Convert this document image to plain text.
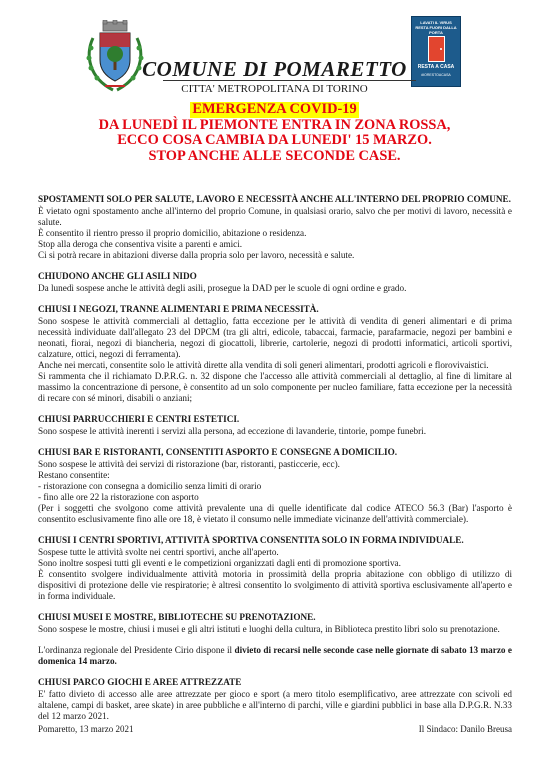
LAVATI IL VIRUS RESTA FUORI DALLA PORTA
RESTA A CASA
#IORESTOACASA
COMUNE DI POMARETTO
CITTA' METROPOLITANA DI TORINO
EMERGENZA COVID-19
DA LUNEDÌ IL PIEMONTE ENTRA IN ZONA ROSSA,
ECCO COSA CAMBIA DA LUNEDI' 15 MARZO.
STOP ANCHE ALLE SECONDE CASE.
SPOSTAMENTI SOLO PER SALUTE, LAVORO E NECESSITÀ ANCHE ALL'INTERNO DEL PROPRIO COMUNE.

È vietato ogni spostamento anche all'interno del proprio Comune, in qualsiasi orario, salvo che per motivi di lavoro, necessità e salute.

È consentito il rientro presso il proprio domicilio, abitazione o residenza.

Stop alla deroga che consentiva visite a parenti e amici.

Ci si potrà recare in abitazioni diverse dalla propria solo per lavoro, necessità e salute.

CHIUDONO ANCHE GLI ASILI NIDO

Da lunedì sospese anche le attività degli asili, prosegue la DAD per le scuole di ogni ordine e grado.

CHIUSI I NEGOZI, TRANNE ALIMENTARI E PRIMA NECESSITÀ.

Sono sospese le attività commerciali al dettaglio, fatta eccezione per le attività di vendita di generi alimentari e di prima necessità individuate dall'allegato 23 del DPCM (tra gli altri, edicole, tabaccai, farmacie, parafarmacie, negozi per bambini e neonati, fiorai, negozi di biancheria, negozi di giocattoli, librerie, cartolerie, negozi di prodotti informatici, articoli sportivi, calzature, ottici, negozi di ferramenta).

Anche nei mercati, consentite solo le attività dirette alla vendita di soli generi alimentari, prodotti agricoli e florovivaistici.

Si rammenta che il richiamato D.P.R.G. n. 32 dispone che l'accesso alle attività commerciali al dettaglio, al fine di limitare al massimo la concentrazione di persone, è consentito ad un solo componente per nucleo familiare, fatta eccezione per la necessità di recare con sé minori, disabili o anziani;

CHIUSI PARRUCCHIERI E CENTRI ESTETICI.

Sono sospese le attività inerenti i servizi alla persona, ad eccezione di lavanderie, tintorie, pompe funebri.

CHIUSI BAR E RISTORANTI, CONSENTITI ASPORTO E CONSEGNE A DOMICILIO.

Sono sospese le attività dei servizi di ristorazione (bar, ristoranti, pasticcerie, ecc).

Restano consentite:

- ristorazione con consegna a domicilio senza limiti di orario

- fino alle ore 22 la ristorazione con asporto

(Per i soggetti che svolgono come attività prevalente una di quelle identificate dal codice ATECO 56.3 (Bar) l'asporto è consentito esclusivamente fino alle ore 18, è vietato il consumo nelle immediate vicinanze dell'attività commerciale).

CHIUSI I CENTRI SPORTIVI, ATTIVITÀ SPORTIVA CONSENTITA SOLO IN FORMA INDIVIDUALE.

Sospese tutte le attività svolte nei centri sportivi, anche all'aperto.

Sono inoltre sospesi tutti gli eventi e le competizioni organizzati dagli enti di promozione sportiva.

È consentito svolgere individualmente attività motoria in prossimità della propria abitazione con obbligo di utilizzo di dispositivi di protezione delle vie respiratorie; è altresì consentito lo svolgimento di attività sportiva esclusivamente all'aperto e in forma individuale.

CHIUSI MUSEI E MOSTRE, BIBLIOTECHE SU PRENOTAZIONE.

Sono sospese le mostre, chiusi i musei e gli altri istituti e luoghi della cultura, in Biblioteca prestito libri solo su prenotazione.

L'ordinanza regionale del Presidente Cirio dispone il divieto di recarsi nelle seconde case nelle giornate di sabato 13 marzo e domenica 14 marzo.

CHIUSI PARCO GIOCHI E AREE ATTREZZATE

E' fatto divieto di accesso alle aree attrezzate per gioco e sport (a mero titolo esemplificativo, aree attrezzate con scivoli ed altalene, campi di basket, aree skate) in aree pubbliche e all'interno di parchi, ville e giardini pubblici in base alla D.P.G.R. N.33 del 12 marzo 2021.

Pomaretto, 13 marzo 2021	Il Sindaco: Danilo Breusa
